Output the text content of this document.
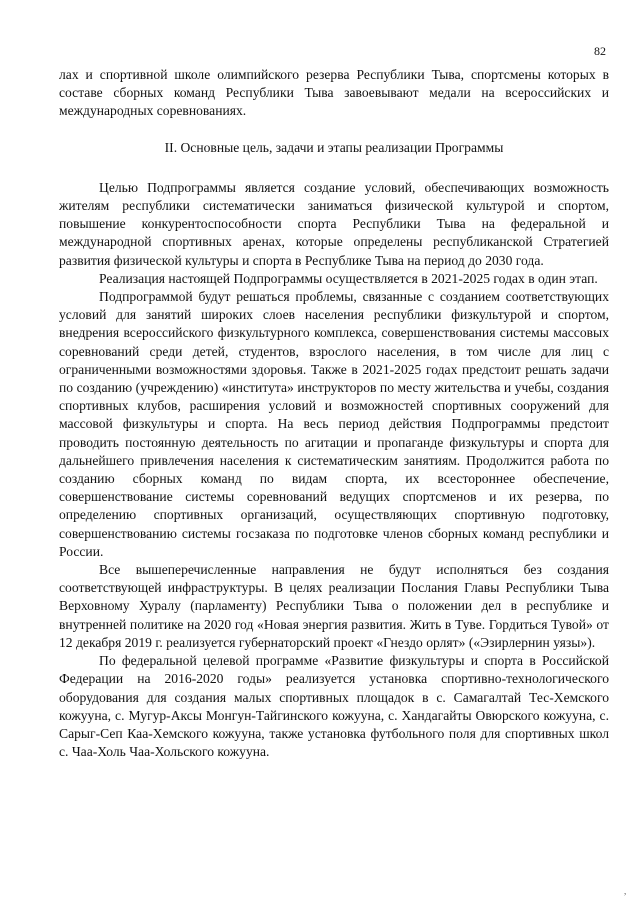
82

лах и спортивной школе олимпийского резерва Республики Тыва, спортсмены которых в составе сборных команд Республики Тыва завоевывают медали на всероссийских и международных соревнованиях.

II. Основные цель, задачи и этапы реализации Программы

Целью Подпрограммы является создание условий, обеспечивающих возможность жителям республики систематически заниматься физической культурой и спортом, повышение конкурентоспособности спорта Республики Тыва на федеральной и международной спортивных аренах, которые определены республиканской Стратегией развития физической культуры и спорта в Республике Тыва на период до 2030 года.

Реализация настоящей Подпрограммы осуществляется в 2021-2025 годах в один этап.

Подпрограммой будут решаться проблемы, связанные с созданием соответствующих условий для занятий широких слоев населения республики физкультурой и спортом, внедрения всероссийского физкультурного комплекса, совершенствования системы массовых соревнований среди детей, студентов, взрослого населения, в том числе для лиц с ограниченными возможностями здоровья. Также в 2021-2025 годах предстоит решать задачи по созданию (учреждению) «института» инструкторов по месту жительства и учебы, создания спортивных клубов, расширения условий и возможностей спортивных сооружений для массовой физкультуры и спорта. На весь период действия Подпрограммы предстоит проводить постоянную деятельность по агитации и пропаганде физкультуры и спорта для дальнейшего привлечения населения к систематическим занятиям. Продолжится работа по созданию сборных команд по видам спорта, их всестороннее обеспечение, совершенствование системы соревнований ведущих спортсменов и их резерва, по определению спортивных организаций, осуществляющих спортивную подготовку, совершенствованию системы госзаказа по подготовке членов сборных команд республики и России.

Все вышеперечисленные направления не будут исполняться без создания соответствующей инфраструктуры. В целях реализации Послания Главы Республики Тыва Верховному Хуралу (парламенту) Республики Тыва о положении дел в республике и внутренней политике на 2020 год «Новая энергия развития. Жить в Туве. Гордиться Тувой» от 12 декабря 2019 г. реализуется губернаторский проект «Гнездо орлят» («Эзирлернин уязы»).

По федеральной целевой программе «Развитие физкультуры и спорта в Российской Федерации на 2016-2020 годы» реализуется установка спортивно-технологического оборудования для создания малых спортивных площадок в с. Самагалтай Тес-Хемского кожууна, с. Мугур-Аксы Монгун-Тайгинского кожууна, с. Хандагайты Овюрского кожууна, с. Сарыг-Сеп Каа-Хемского кожууна, также установка футбольного поля для спортивных школ с. Чаа-Холь Чаа-Хольского кожууна.

,
